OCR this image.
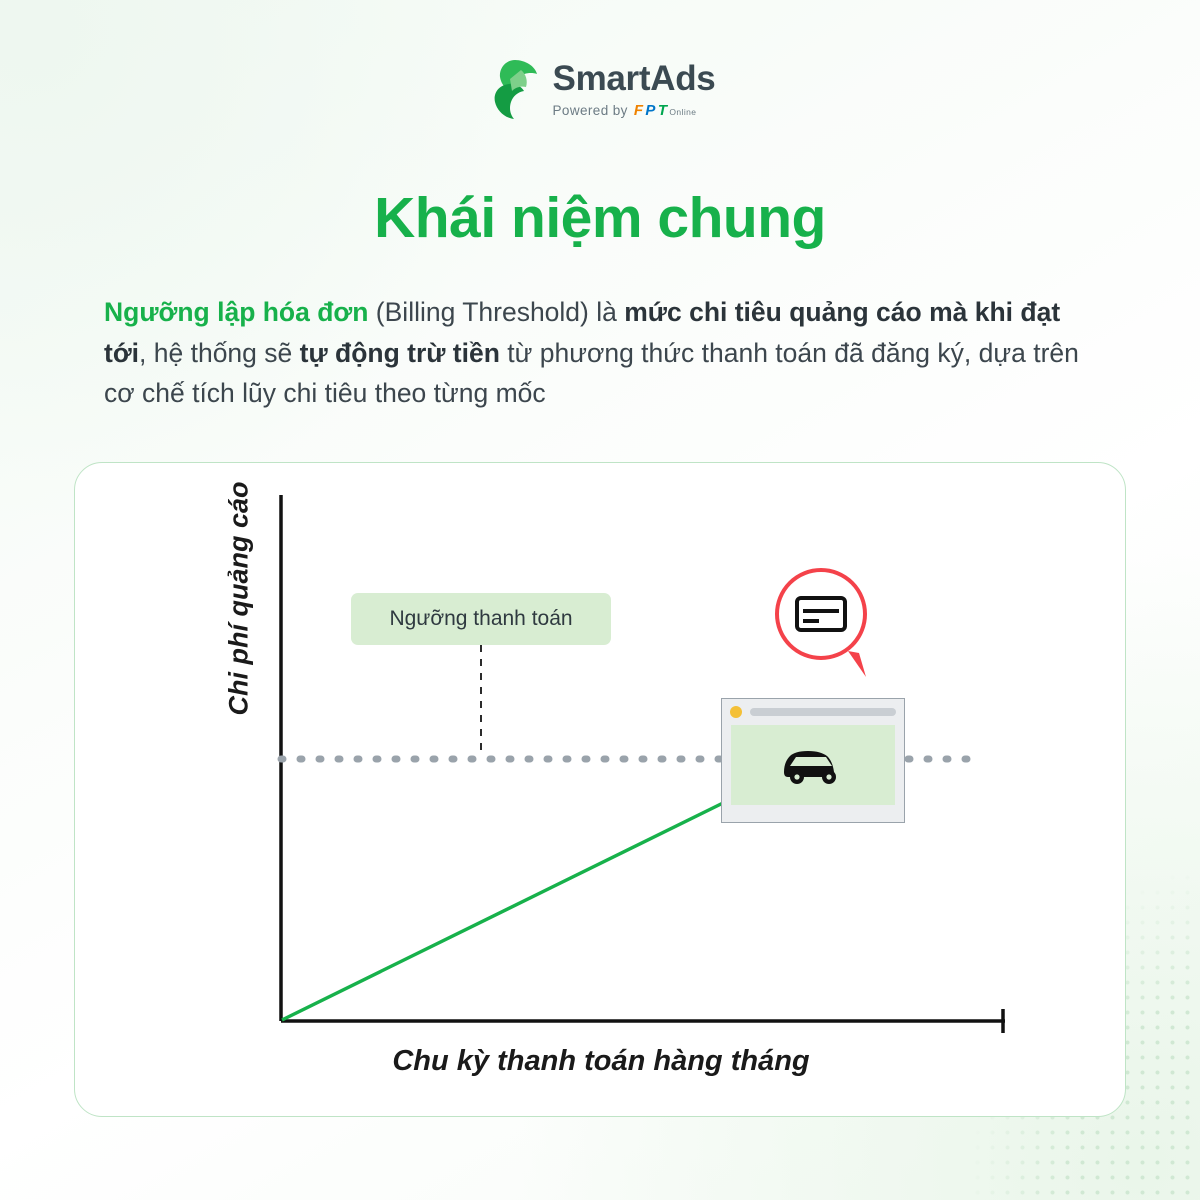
SmartAds
Powered by F P T Online
Khái niệm chung
Ngưỡng lập hóa đơn (Billing Threshold) là mức chi tiêu quảng cáo mà khi đạt tới, hệ thống sẽ tự động trừ tiền từ phương thức thanh toán đã đăng ký, dựa trên cơ chế tích lũy chi tiêu theo từng mốc
Ngưỡng thanh toán
Chi phí quảng cáo
Chu kỳ thanh toán hàng tháng
